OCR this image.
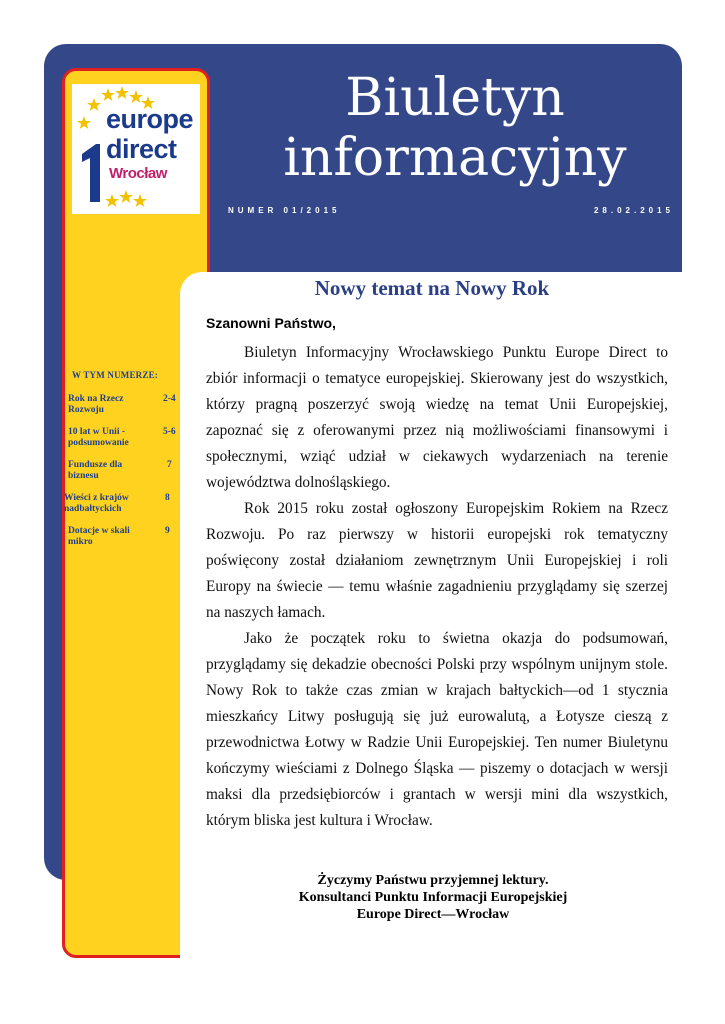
europe
direct
Wrocław
Biuletyn
informacyjny
NUMER 01/2015	28.02.2015
W TYM NUMERZE:
Rok na Rzecz Rozwoju
2-4
10 lat w Unii - podsumowanie
5-6
Fundusze dla biznesu
7
Wieści z krajów nadbałtyckich
8
Dotacje w skali mikro
9
Nowy temat na Nowy Rok
Szanowni Państwo,

Biuletyn Informacyjny Wrocławskiego Punktu Europe Direct to zbiór informacji o tematyce europejskiej. Skierowany jest do wszystkich, którzy pragną poszerzyć swoją wiedzę na temat Unii Europejskiej, zapoznać się z oferowanymi przez nią możliwościami finansowymi i społecznymi, wziąć udział w ciekawych wydarzeniach na terenie województwa dolnośląskiego.

Rok 2015 roku został ogłoszony Europejskim Rokiem na Rzecz Rozwoju. Po raz pierwszy w historii europejski rok tematyczny poświęcony został działaniom zewnętrznym Unii Europejskiej i roli Europy na świecie — temu właśnie zagadnieniu przyglądamy się szerzej na naszych łamach.

Jako że początek roku to świetna okazja do podsumowań, przyglądamy się dekadzie obecności Polski przy wspólnym unijnym stole. Nowy Rok to także czas zmian w krajach bałtyckich—od 1 stycznia mieszkańcy Litwy posługują się już eurowalutą, a Łotysze cieszą z przewodnictwa Łotwy w Radzie Unii Europejskiej. Ten numer Biuletynu kończymy wieściami z Dolnego Śląska — piszemy o dotacjach w wersji maksi dla przedsiębiorców i grantach w wersji mini dla wszystkich, którym bliska jest kultura i Wrocław.

Życzymy Państwu przyjemnej lektury.
Konsultanci Punktu Informacji Europejskiej
Europe Direct—Wrocław
